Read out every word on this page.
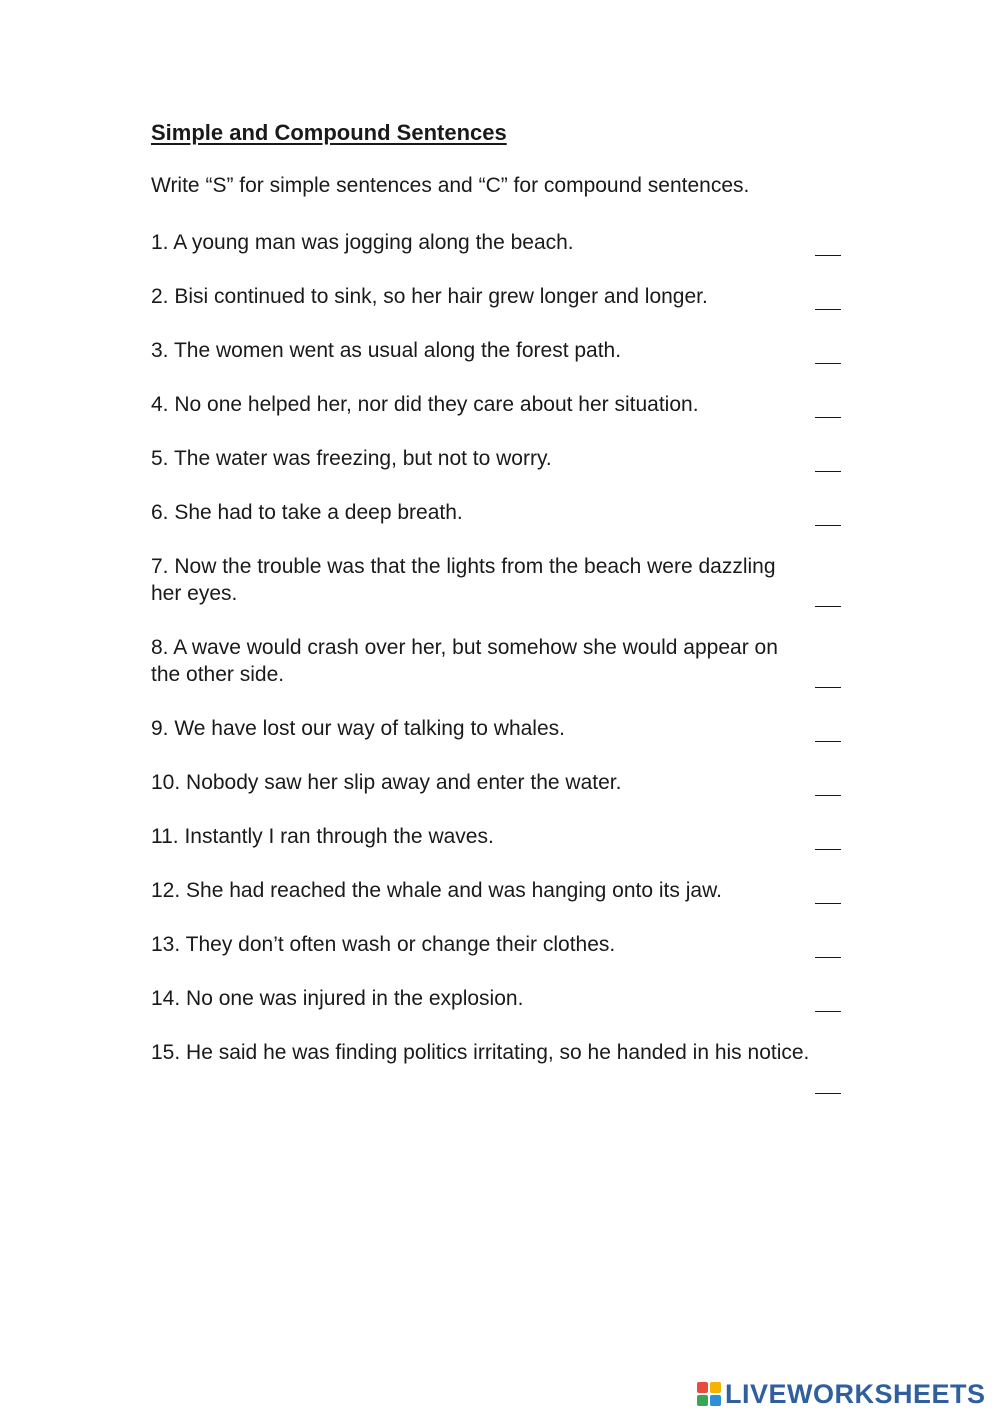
Simple and Compound Sentences
Write “S” for simple sentences and “C” for compound sentences.
1. A young man was jogging along the beach.
2. Bisi continued to sink, so her hair grew longer and longer.
3. The women went as usual along the forest path.
4. No one helped her, nor did they care about her situation.
5. The water was freezing, but not to worry.
6. She had to take a deep breath.
7. Now the trouble was that the lights from the beach were dazzling her eyes.
8. A wave would crash over her, but somehow she would appear on the other side.
9. We have lost our way of talking to whales.
10. Nobody saw her slip away and enter the water.
11. Instantly I ran through the waves.
12. She had reached the whale and was hanging onto its jaw.
13. They don’t often wash or change their clothes.
14. No one was injured in the explosion.
15. He said he was finding politics irritating, so he handed in his notice.
LIVEWORKSHEETS
